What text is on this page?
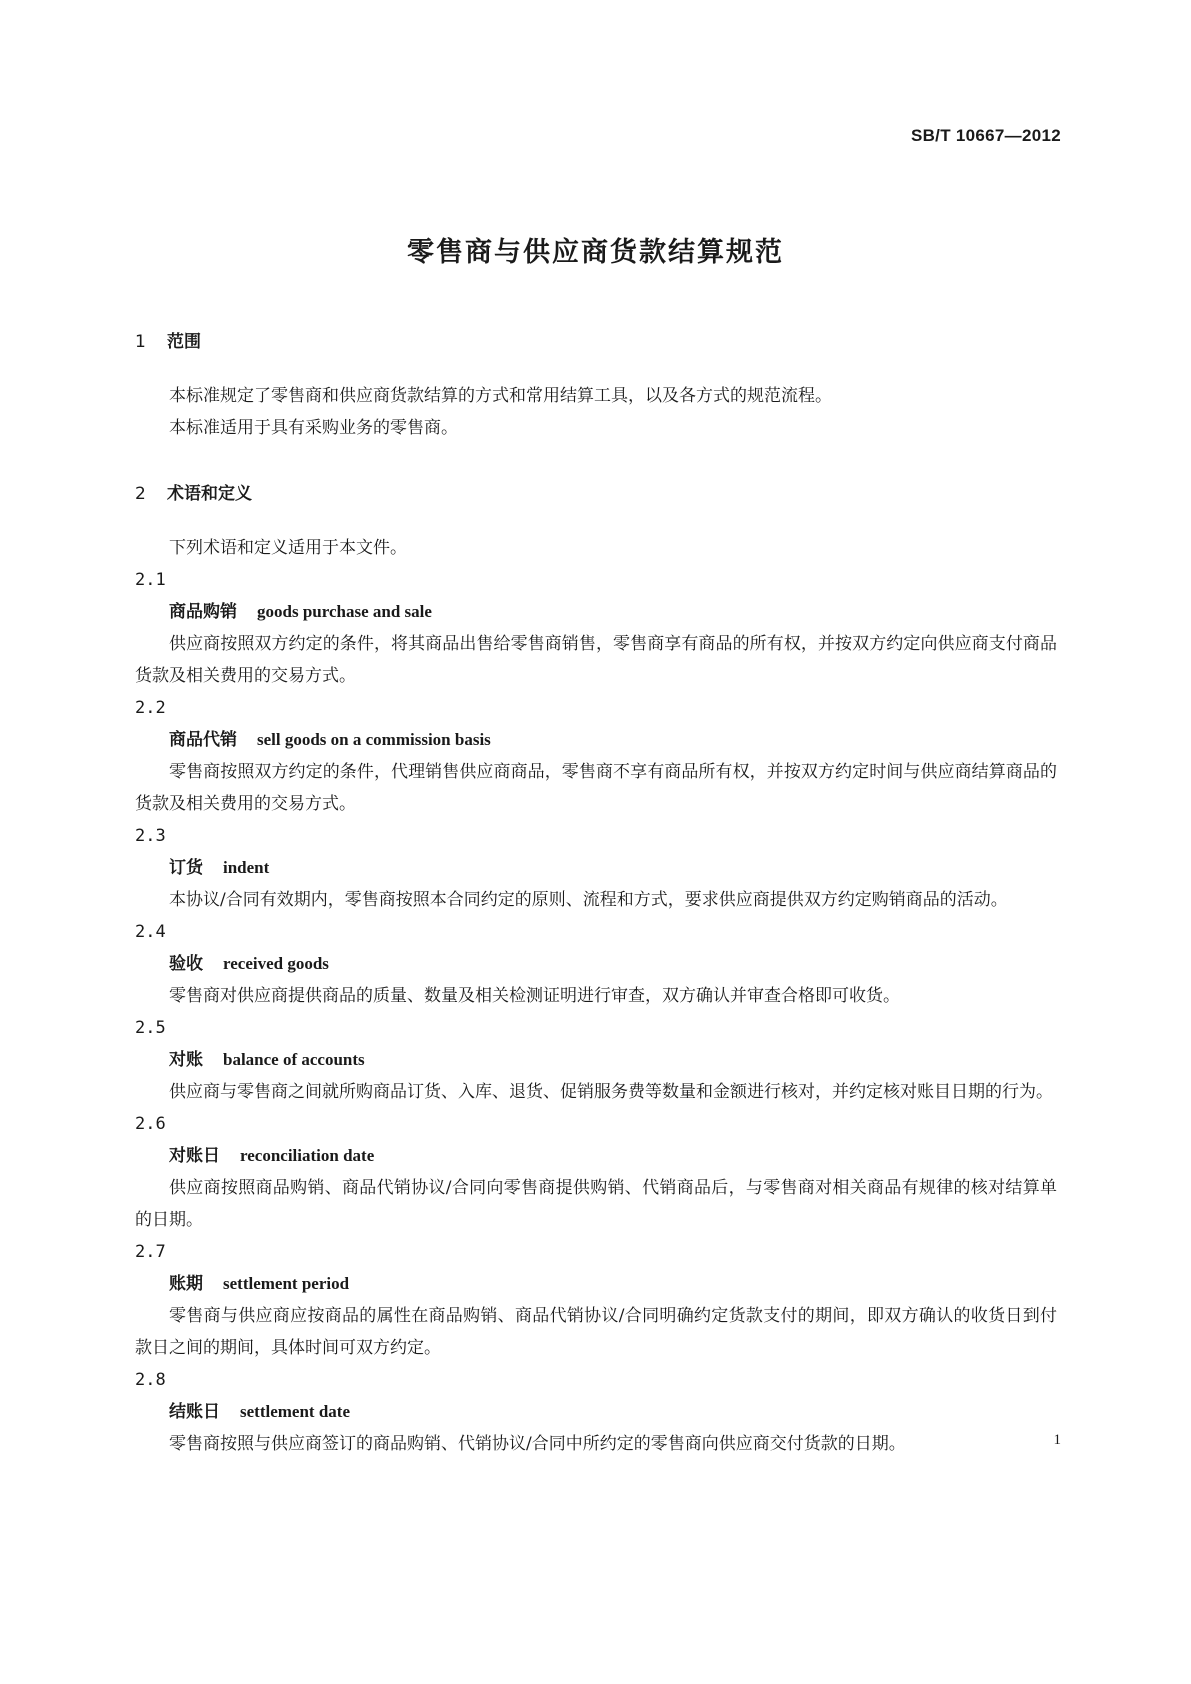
SB/T 10667—2012
零售商与供应商货款结算规范

1 范围

本标准规定了零售商和供应商货款结算的方式和常用结算工具，以及各方式的规范流程。

本标准适用于具有采购业务的零售商。

2 术语和定义

下列术语和定义适用于本文件。

2.1

商品购销 goods purchase and sale

供应商按照双方约定的条件，将其商品出售给零售商销售，零售商享有商品的所有权，并按双方约定向供应商支付商品货款及相关费用的交易方式。

2.2

商品代销 sell goods on a commission basis

零售商按照双方约定的条件，代理销售供应商商品，零售商不享有商品所有权，并按双方约定时间与供应商结算商品的货款及相关费用的交易方式。

2.3

订货 indent

本协议/合同有效期内，零售商按照本合同约定的原则、流程和方式，要求供应商提供双方约定购销商品的活动。

2.4

验收 received goods

零售商对供应商提供商品的质量、数量及相关检测证明进行审查，双方确认并审查合格即可收货。

2.5

对账 balance of accounts

供应商与零售商之间就所购商品订货、入库、退货、促销服务费等数量和金额进行核对，并约定核对账目日期的行为。

2.6

对账日 reconciliation date

供应商按照商品购销、商品代销协议/合同向零售商提供购销、代销商品后，与零售商对相关商品有规律的核对结算单的日期。

2.7

账期 settlement period

零售商与供应商应按商品的属性在商品购销、商品代销协议/合同明确约定货款支付的期间，即双方确认的收货日到付款日之间的期间，具体时间可双方约定。

2.8

结账日 settlement date

零售商按照与供应商签订的商品购销、代销协议/合同中所约定的零售商向供应商交付货款的日期。	1
